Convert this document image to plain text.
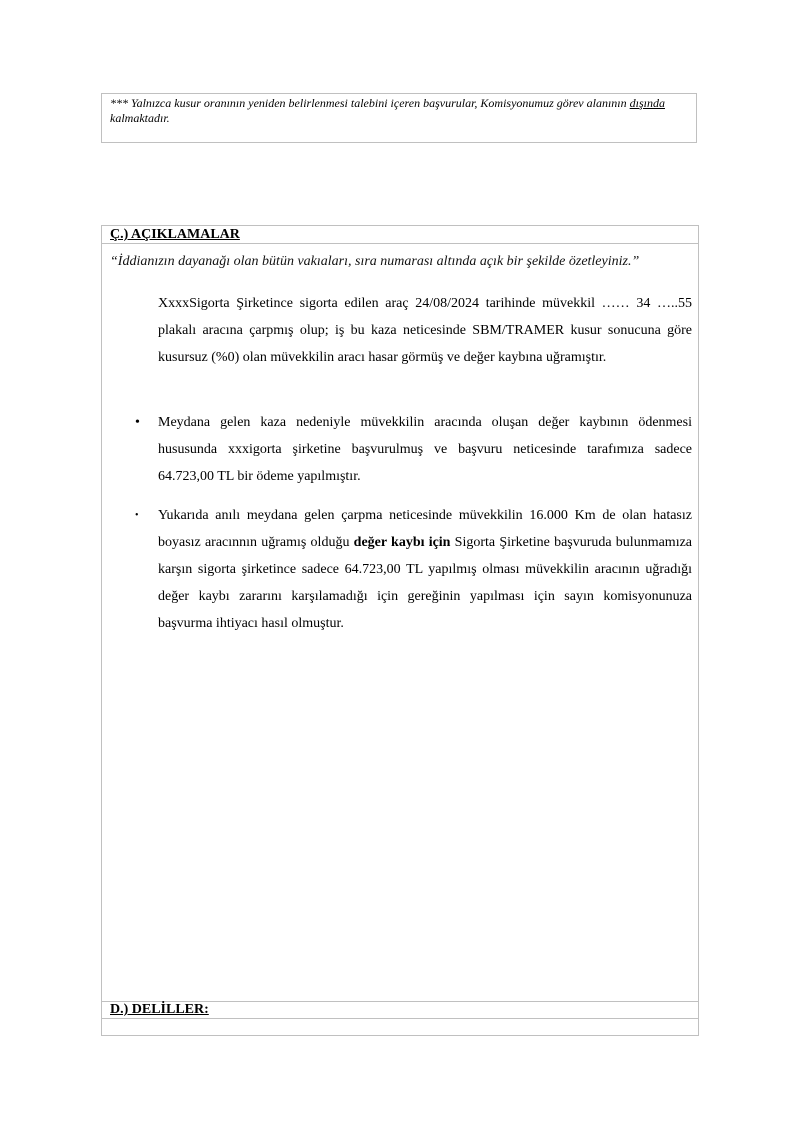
*** Yalnızca kusur oranının yeniden belirlenmesi talebini içeren başvurular, Komisyonumuz görev alanının dışında kalmaktadır.
Ç.) AÇIKLAMALAR
“İddianızın dayanağı olan bütün vakıaları, sıra numarası altında açık bir şekilde özetleyiniz.”
XxxxSigorta Şirketince sigorta edilen araç 24/08/2024 tarihinde müvekkil …… 34 …..55 plakalı aracına çarpmış olup; iş bu kaza neticesinde SBM/TRAMER kusur sonucuna göre kusursuz (%0) olan müvekkilin aracı hasar görmüş ve değer kaybına uğramıştır.
• Meydana gelen kaza nedeniyle müvekkilin aracında oluşan değer kaybının ödenmesi hususunda xxxigorta şirketine başvurulmuş ve başvuru neticesinde tarafımıza sadece 64.723,00 TL bir ödeme yapılmıştır.
• Yukarıda anılı meydana gelen çarpma neticesinde müvekkilin 16.000 Km de olan hatasız boyasız aracınnın uğramış olduğu değer kaybı için Sigorta Şirketine başvuruda bulunmamıza karşın sigorta şirketince sadece 64.723,00 TL yapılmış olması müvekkilin aracının uğradığı değer kaybı zararını karşılamadığı için gereğinin yapılması için sayın komisyonunuza başvurma ihtiyacı hasıl olmuştur.
D.) DELİLLER:
